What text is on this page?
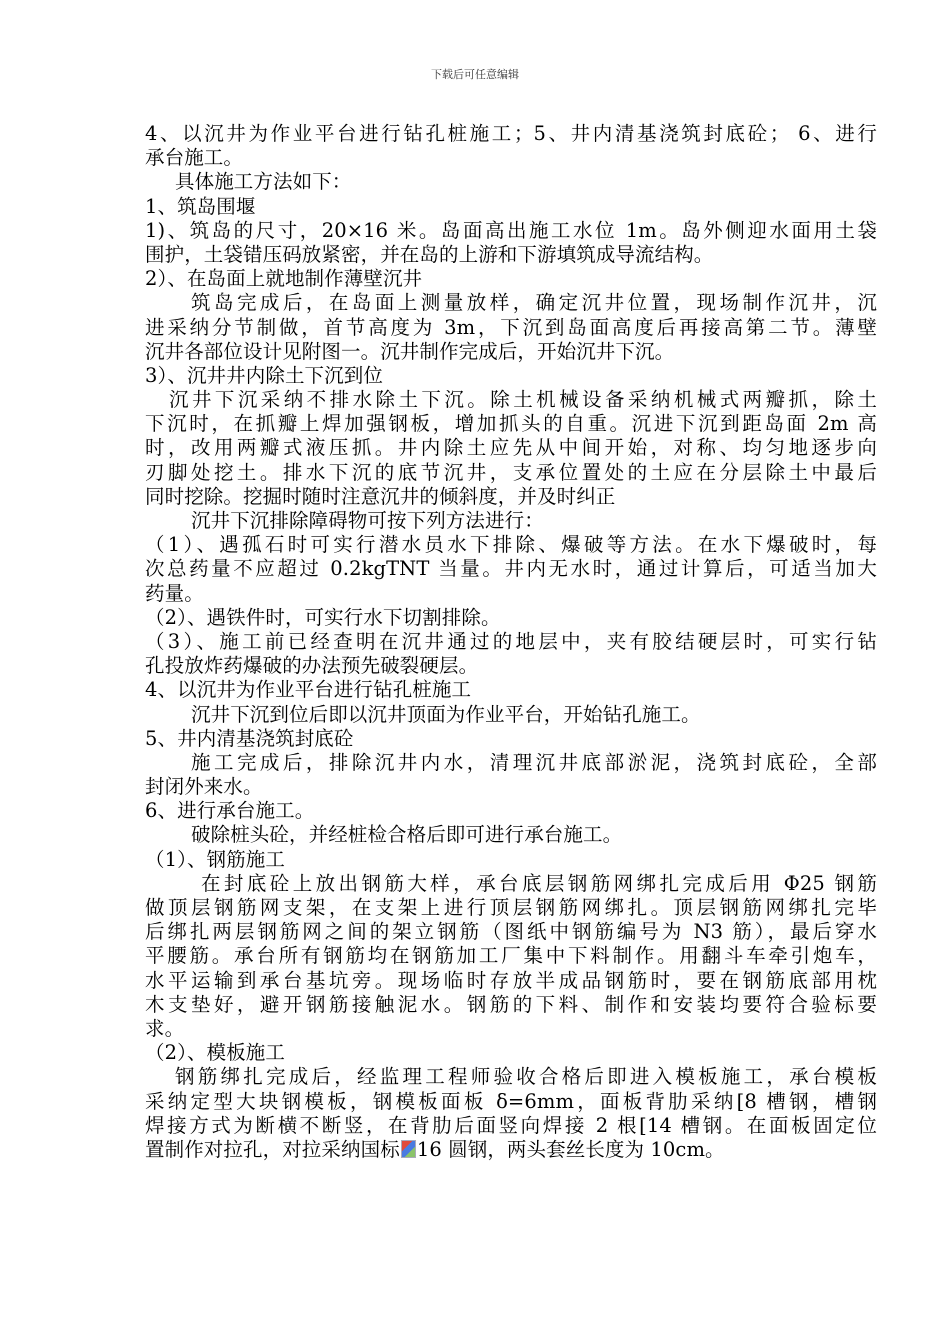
下载后可任意编辑
4、以沉井为作业平台进行钻孔桩施工；5、井内清基浇筑封底砼； 6、进行
承台施工。
具体施工方法如下：
1、筑岛围堰
1)、筑岛的尺寸，20×16 米。岛面高出施工水位 1m。岛外侧迎水面用土袋
围护，土袋错压码放紧密，并在岛的上游和下游填筑成导流结构。
2）、在岛面上就地制作薄壁沉井
筑岛完成后，在岛面上测量放样，确定沉井位置，现场制作沉井，沉
进采纳分节制做，首节高度为 3m，下沉到岛面高度后再接高第二节。薄壁
沉井各部位设计见附图一。沉井制作完成后，开始沉井下沉。
3）、沉井井内除土下沉到位
沉井下沉采纳不排水除土下沉。除土机械设备采纳机械式两瓣抓，除土
下沉时，在抓瓣上焊加强钢板，增加抓头的自重。沉进下沉到距岛面 2m 高
时，改用两瓣式液压抓。井内除土应先从中间开始，对称、均匀地逐步向
刃脚处挖土。排水下沉的底节沉井，支承位置处的土应在分层除土中最后
同时挖除。挖掘时随时注意沉井的倾斜度，并及时纠正
沉井下沉排除障碍物可按下列方法进行：
（1）、遇孤石时可实行潜水员水下排除、爆破等方法。在水下爆破时，每
次总药量不应超过 0.2kgTNT 当量。井内无水时，通过计算后，可适当加大
药量。
（2）、遇铁件时，可实行水下切割排除。
（3）、施工前已经查明在沉井通过的地层中，夹有胶结硬层时，可实行钻
孔投放炸药爆破的办法预先破裂硬层。
4、以沉井为作业平台进行钻孔桩施工
沉井下沉到位后即以沉井顶面为作业平台，开始钻孔施工。
5、井内清基浇筑封底砼
施工完成后，排除沉井内水，清理沉井底部淤泥，浇筑封底砼，全部
封闭外来水。
6、进行承台施工。
破除桩头砼，并经桩检合格后即可进行承台施工。
（1）、钢筋施工
在封底砼上放出钢筋大样，承台底层钢筋网绑扎完成后用 Φ25 钢筋
做顶层钢筋网支架，在支架上进行顶层钢筋网绑扎。顶层钢筋网绑扎完毕
后绑扎两层钢筋网之间的架立钢筋（图纸中钢筋编号为 N3 筋），最后穿水
平腰筋。承台所有钢筋均在钢筋加工厂集中下料制作。用翻斗车牵引炮车，
水平运输到承台基坑旁。现场临时存放半成品钢筋时，要在钢筋底部用枕
木支垫好，避开钢筋接触泥水。钢筋的下料、制作和安装均要符合验标要
求。
（2）、模板施工
钢筋绑扎完成后，经监理工程师验收合格后即进入模板施工，承台模板
采纳定型大块钢模板，钢模板面板 δ=6mm，面板背肋采纳[8 槽钢，槽钢
焊接方式为断横不断竖，在背肋后面竖向焊接 2 根[14 槽钢。在面板固定位
置制作对拉孔，对拉采纳国标 16 圆钢，两头套丝长度为 10cm。
